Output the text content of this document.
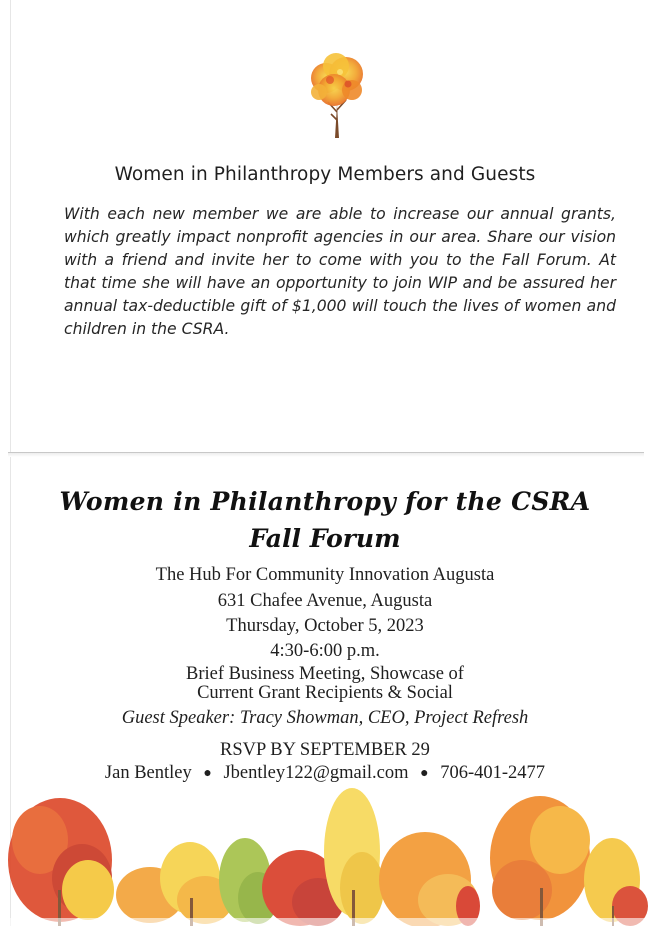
Women in Philanthropy Members and Guests
With each new member we are able to increase our annual grants, which greatly impact nonprofit agencies in our area. Share our vision with a friend and invite her to come with you to the Fall Forum. At that time she will have an opportunity to join WIP and be assured her annual tax-deductible gift of $1,000 will touch the lives of women and children in the CSRA.
Women in Philanthropy for the CSRA
Fall Forum
The Hub For Community Innovation Augusta
631 Chafee Avenue, Augusta
Thursday, October 5, 2023
4:30-6:00 p.m.
Brief Business Meeting, Showcase of
Current Grant Recipients & Social
Guest Speaker: Tracy Showman, CEO, Project Refresh
RSVP BY SEPTEMBER 29
Jan Bentley ● Jbentley122@gmail.com ● 706-401-2477
